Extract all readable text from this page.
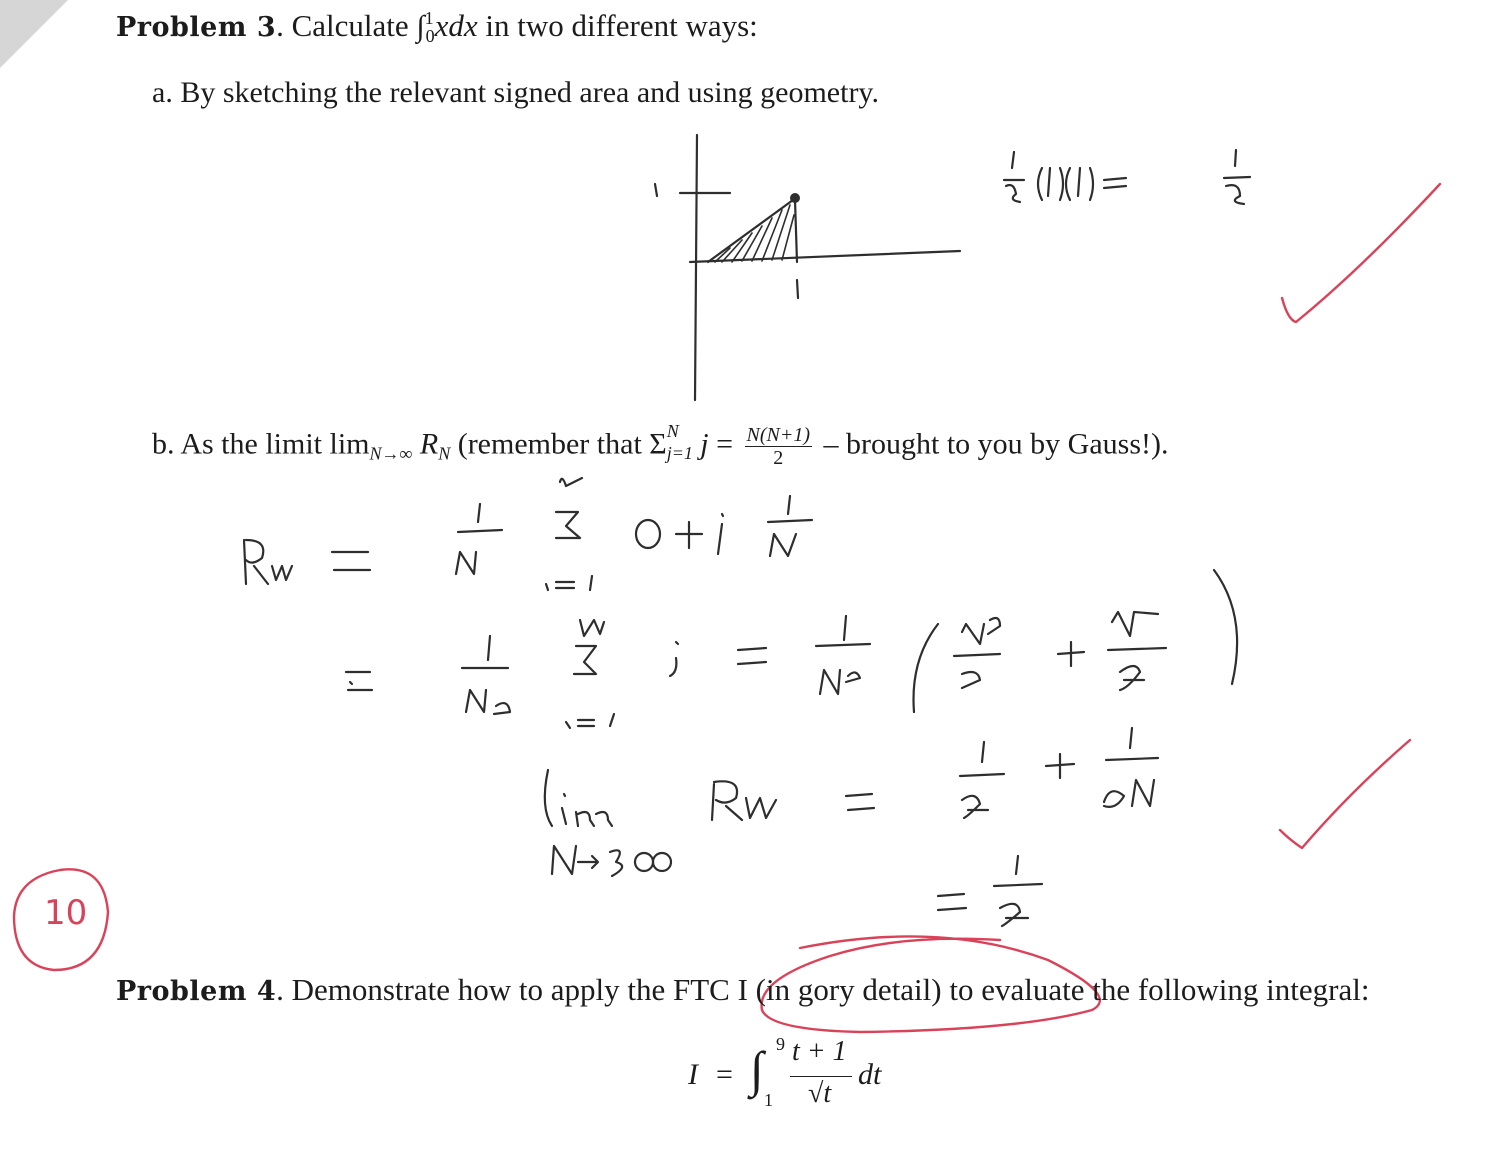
Problem 3. Calculate ∫$^1_0$xdx in two different ways:
a. By sketching the relevant signed area and using geometry.
b. As the limit $\lim_{N\to\infty} R_N$ (remember that Σ N
j=1 $j = \frac{N(N+1)}{2}$ – brought to you by Gauss!).
10
Problem 4. Demonstrate how to apply the FTC I (in gory detail) to evaluate the following integral:
I = ∫ 9
1
t + 1
√t
dt
